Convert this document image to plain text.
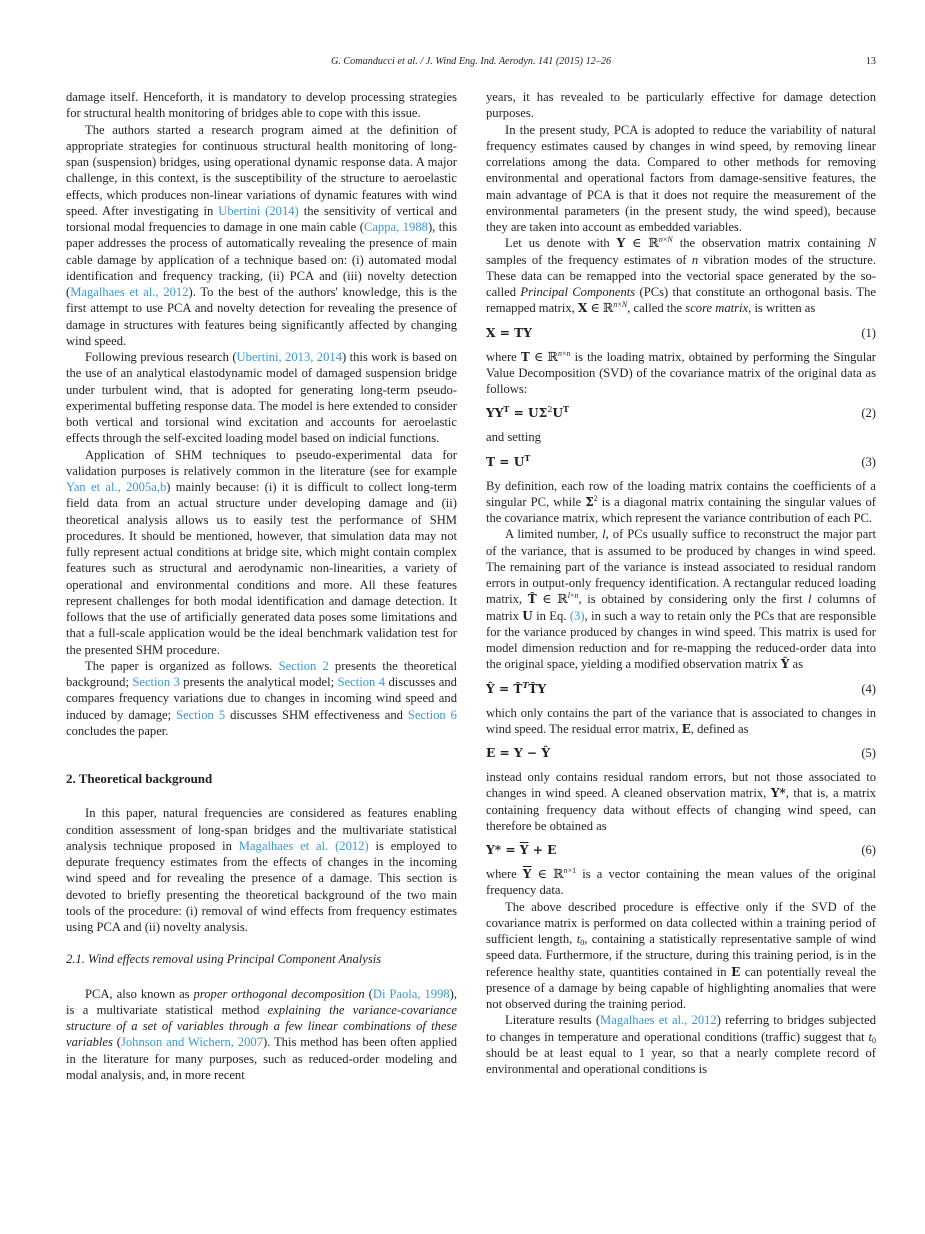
G. Comanducci et al. / J. Wind Eng. Ind. Aerodyn. 141 (2015) 12–26	13

damage itself. Henceforth, it is mandatory to develop processing strategies for structural health monitoring of bridges able to cope with this issue.

The authors started a research program aimed at the definition of appropriate strategies for continuous structural health monitoring of long-span (suspension) bridges, using operational dynamic response data. A major challenge, in this context, is the susceptibility of the structure to aeroelastic effects, which produces non-linear variations of dynamic features with wind speed. After investigating in Ubertini (2014) the sensitivity of vertical and torsional modal frequencies to damage in one main cable (Cappa, 1988), this paper addresses the process of automatically revealing the presence of main cable damage by application of a technique based on: (i) automated modal identification and frequency tracking, (ii) PCA and (iii) novelty detection (Magalhaes et al., 2012). To the best of the authors' knowledge, this is the first attempt to use PCA and novelty detection for revealing the presence of damage in structures with features being significantly affected by changing wind speed.

Following previous research (Ubertini, 2013, 2014) this work is based on the use of an analytical elastodynamic model of damaged suspension bridge under turbulent wind, that is adopted for generating long-term pseudo-experimental buffeting response data. The model is here extended to consider both vertical and torsional wind excitation and accounts for aeroelastic effects through the self-excited loading model based on indicial functions.

Application of SHM techniques to pseudo-experimental data for validation purposes is relatively common in the literature (see for example Yan et al., 2005a,b) mainly because: (i) it is difficult to collect long-term field data from an actual structure under developing damage and (ii) theoretical analysis allows us to easily test the performance of SHM procedures. It should be mentioned, however, that simulation data may not fully represent actual conditions at bridge site, which might contain complex features such as structural and aerodynamic non-linearities, a variety of operational and environmental conditions and more. All these features represent challenges for both modal identification and damage detection. It follows that the use of artificially generated data poses some limitations and that a full-scale application would be the ideal benchmark validation test for the presented SHM procedure.

The paper is organized as follows. Section 2 presents the theoretical background; Section 3 presents the analytical model; Section 4 discusses and compares frequency variations due to changes in incoming wind speed and induced by damage; Section 5 discusses SHM effectiveness and Section 6 concludes the paper.

2. Theoretical background

In this paper, natural frequencies are considered as features enabling condition assessment of long-span bridges and the multivariate statistical analysis technique proposed in Magalhaes et al. (2012) is employed to depurate frequency estimates from the effects of changes in the incoming wind speed and for revealing the presence of a damage. This section is devoted to briefly presenting the theoretical background of the two main tools of the procedure: (i) removal of wind effects from frequency estimates using PCA and (ii) novelty analysis.

2.1. Wind effects removal using Principal Component Analysis

PCA, also known as proper orthogonal decomposition (Di Paola, 1998), is a multivariate statistical method explaining the variance-covariance structure of a set of variables through a few linear combinations of these variables (Johnson and Wichern, 2007). This method has been often applied in the literature for many purposes, such as reduced-order modeling and modal analysis, and, in more recent

years, it has revealed to be particularly effective for damage detection purposes.

In the present study, PCA is adopted to reduce the variability of natural frequency estimates caused by changes in wind speed, by removing linear correlations among the data. Compared to other methods for removing environmental and operational factors from damage-sensitive features, the main advantage of PCA is that it does not require the measurement of the environmental parameters (in the present study, the wind speed), because they are taken into account as embedded variables.

Let us denote with Y ∈ ℝ$^{n\times N}$ the observation matrix containing N samples of the frequency estimates of n vibration modes of the structure. These data can be remapped into the vectorial space generated by the so-called Principal Components (PCs) that constitute an orthogonal basis. The remapped matrix, X ∈ ℝ$^{n\times N}$, called the score matrix, is written as

X = TY	(1)

where T ∈ ℝ$^{n\times n}$ is the loading matrix, obtained by performing the Singular Value Decomposition (SVD) of the covariance matrix of the original data as follows:

$YY^T = U\Sigma^2U^T$	(2)

and setting

$T = U^T$	(3)

By definition, each row of the loading matrix contains the coefficients of a singular PC, while $\Sigma^2$ is a diagonal matrix containing the singular values of the covariance matrix, which represent the variance contribution of each PC.

A limited number, l, of PCs usually suffice to reconstruct the major part of the variance, that is assumed to be produced by changes in wind speed. The remaining part of the variance is instead associated to residual random errors in output-only frequency identification. A rectangular reduced loading matrix, T̂ ∈ ℝ$^{l\times n}$, is obtained by considering only the first l columns of matrix U in Eq. (3), in such a way to retain only the PCs that are responsible for the variance produced by changes in wind speed. This matrix is used for model dimension reduction and for re-mapping the reduced-order data into the original space, yielding a modified observation matrix Ŷ as

Ŷ = T̂$^T$T̂Y	(4)

which only contains the part of the variance that is associated to changes in wind speed. The residual error matrix, E, defined as

E = Y − Ŷ	(5)

instead only contains residual random errors, but not those associated to changes in wind speed. A cleaned observation matrix, Y*, that is, a matrix containing frequency data without effects of changing wind speed, can therefore be obtained as

$Y* = \overline{Y} + E$	(6)

where $\overline{Y}$ ∈ ℝ$^{n\times 1}$ is a vector containing the mean values of the original frequency data.

The above described procedure is effective only if the SVD of the covariance matrix is performed on data collected within a training period of sufficient length, $t_0$, containing a statistically representative sample of wind speed data. Furthermore, if the structure, during this training period, is in the reference healthy state, quantities contained in E can potentially reveal the presence of a damage by being capable of highlighting anomalies that were not observed during the training period.

Literature results (Magalhaes et al., 2012) referring to bridges subjected to changes in temperature and operational conditions (traffic) suggest that $t_0$ should be at least equal to 1 year, so that a nearly complete record of environmental and operational conditions is
